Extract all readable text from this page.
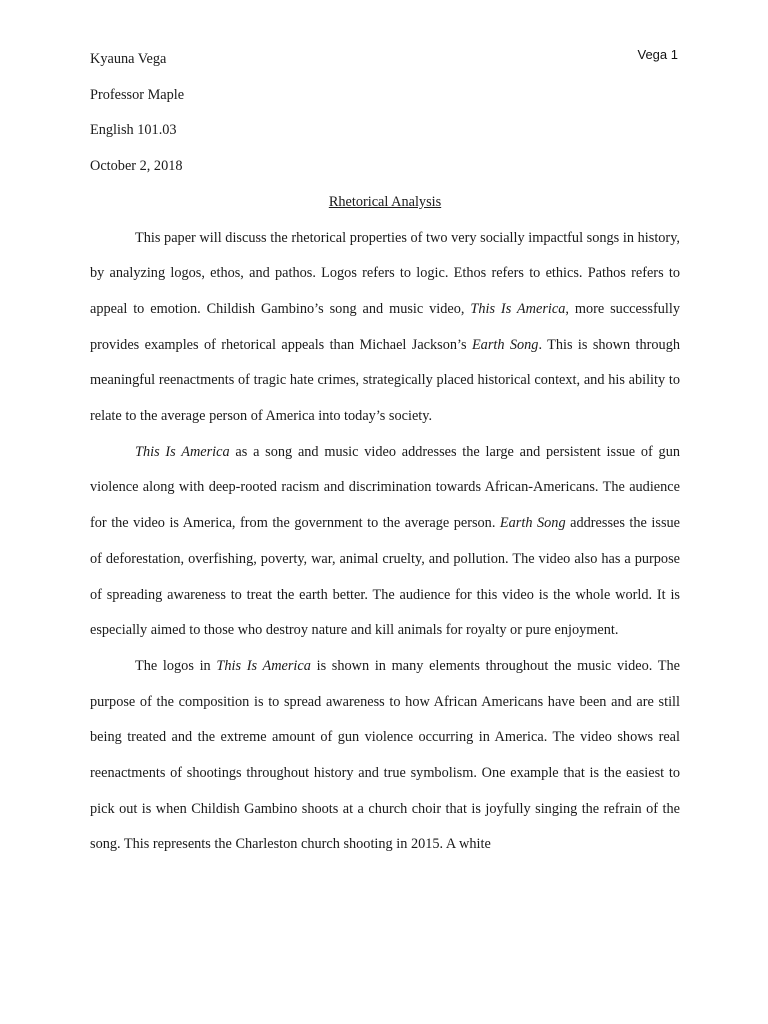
Vega 1

Kyauna Vega

Professor Maple

English 101.03

October 2, 2018

Rhetorical Analysis

This paper will discuss the rhetorical properties of two very socially impactful songs in history, by analyzing logos, ethos, and pathos. Logos refers to logic. Ethos refers to ethics. Pathos refers to appeal to emotion. Childish Gambino’s song and music video, This Is America, more successfully provides examples of rhetorical appeals than Michael Jackson’s Earth Song. This is shown through meaningful reenactments of tragic hate crimes, strategically placed historical context, and his ability to relate to the average person of America into today’s society.

This Is America as a song and music video addresses the large and persistent issue of gun violence along with deep-rooted racism and discrimination towards African-Americans. The audience for the video is America, from the government to the average person. Earth Song addresses the issue of deforestation, overfishing, poverty, war, animal cruelty, and pollution. The video also has a purpose of spreading awareness to treat the earth better. The audience for this video is the whole world. It is especially aimed to those who destroy nature and kill animals for royalty or pure enjoyment.

The logos in This Is America is shown in many elements throughout the music video. The purpose of the composition is to spread awareness to how African Americans have been and are still being treated and the extreme amount of gun violence occurring in America. The video shows real reenactments of shootings throughout history and true symbolism. One example that is the easiest to pick out is when Childish Gambino shoots at a church choir that is joyfully singing the refrain of the song. This represents the Charleston church shooting in 2015. A white
